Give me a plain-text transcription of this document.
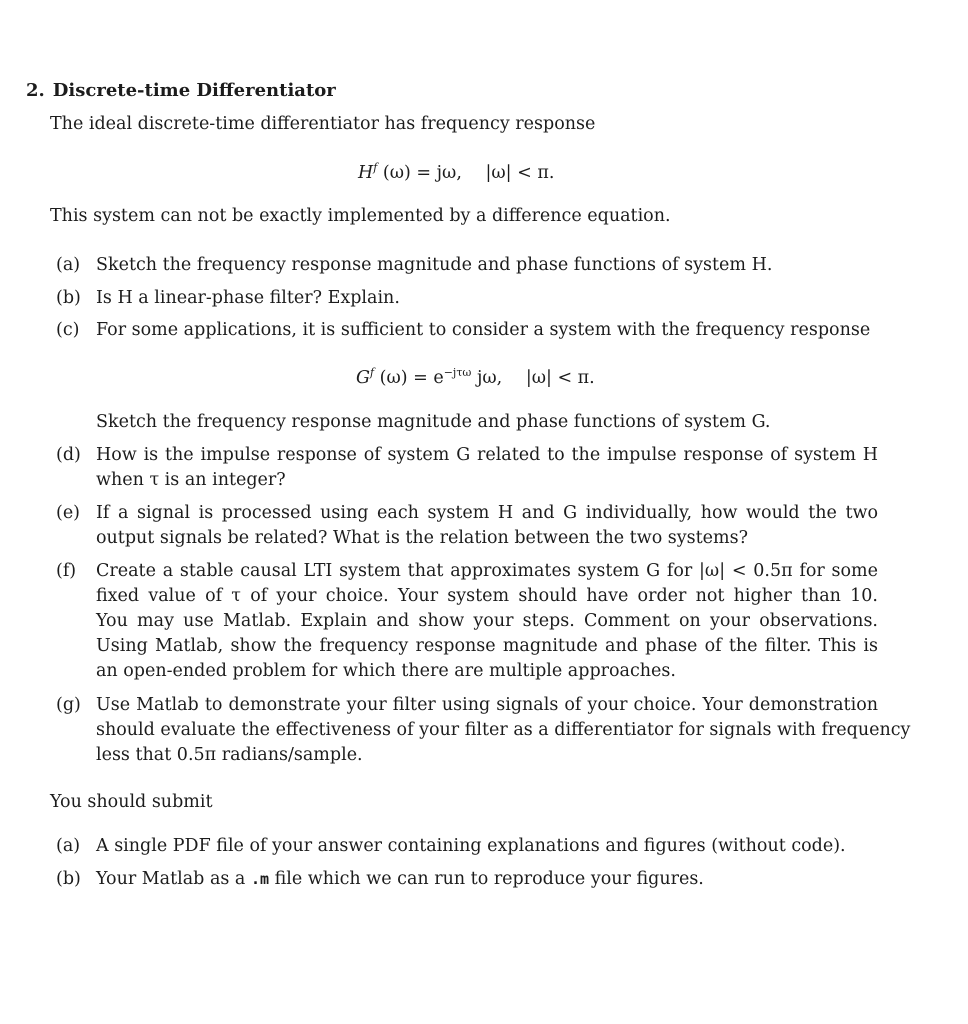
2. Discrete-time Differentiator
The ideal discrete-time differentiator has frequency response
$H^f$ (ω) = jω, |ω| < π.
This system can not be exactly implemented by a difference equation.
(a) Sketch the frequency response magnitude and phase functions of system H.
(b) Is H a linear-phase filter? Explain.
(c) For some applications, it is sufficient to consider a system with the frequency response
$G^f$ $(\omega) = e^{-j\tau\omega}$ jω, |ω| < π.
Sketch the frequency response magnitude and phase functions of system G.
(d) How is the impulse response of system G related to the impulse response of system H
when τ is an integer?
(e) If a signal is processed using each system H and G individually, how would the two
output signals be related? What is the relation between the two systems?
(f) Create a stable causal LTI system that approximates system G for |ω| < 0.5π for some
fixed value of τ of your choice. Your system should have order not higher than 10.
You may use Matlab. Explain and show your steps. Comment on your observations.
Using Matlab, show the frequency response magnitude and phase of the filter. This is
an open-ended problem for which there are multiple approaches.
(g) Use Matlab to demonstrate your filter using signals of your choice. Your demonstration
should evaluate the effectiveness of your filter as a differentiator for signals with frequency
less that 0.5π radians/sample.
You should submit
(a) A single PDF file of your answer containing explanations and figures (without code).
(b) Your Matlab as a .m file which we can run to reproduce your figures.
